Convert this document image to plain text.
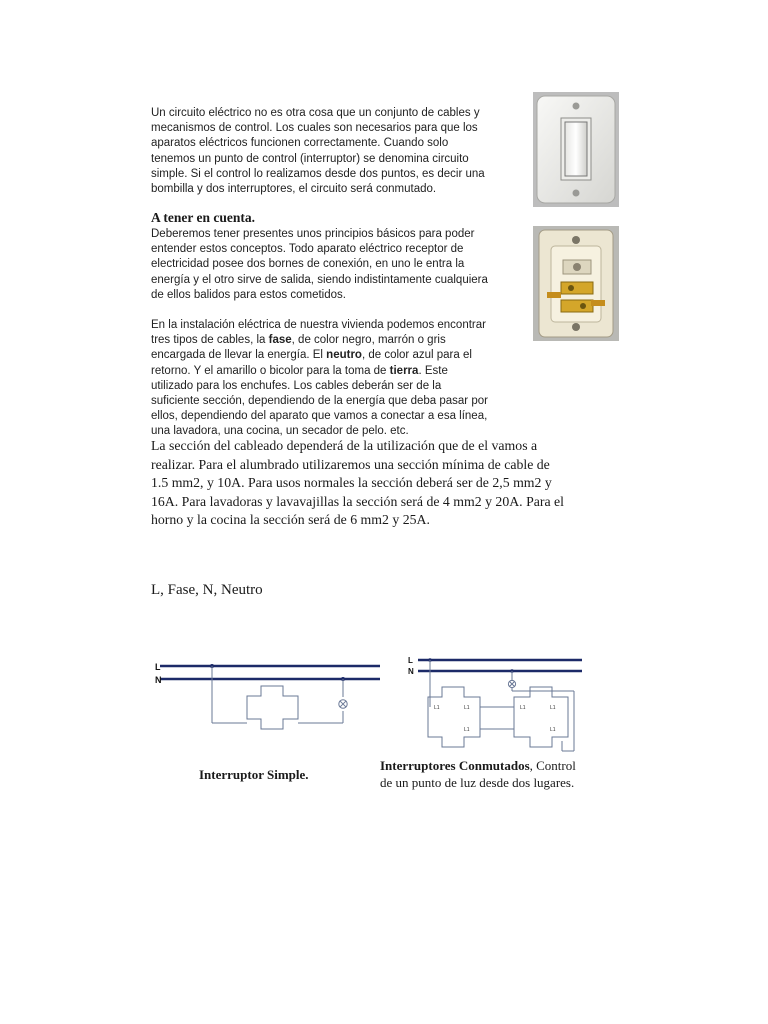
Un circuito eléctrico no es otra cosa que un conjunto de cables y

mecanismos de control. Los cuales son necesarios para que los

aparatos eléctricos funcionen correctamente. Cuando solo

tenemos un punto de control (interruptor) se denomina circuito

simple. Si el control lo realizamos desde dos puntos, es decir una

bombilla y dos interruptores, el circuito será conmutado.

A tener en cuenta.

Deberemos tener presentes unos principios básicos para poder

entender estos conceptos. Todo aparato eléctrico receptor de

electricidad posee dos bornes de conexión, en uno le entra la

energía y el otro sirve de salida, siendo indistintamente cualquiera

de ellos balidos para estos cometidos.

En la instalación eléctrica de nuestra vivienda podemos encontrar

tres tipos de cables, la fase, de color negro, marrón o gris

encargada de llevar la energía. El neutro, de color azul para el

retorno. Y el amarillo o bicolor para la toma de tierra. Este

utilizado para los enchufes. Los cables deberán ser de la

suficiente sección, dependiendo de la energía que deba pasar por

ellos, dependiendo del aparato que vamos a conectar a esa línea,

una lavadora, una cocina, un secador de pelo. etc.

La sección del cableado dependerá de la utilización que de el vamos a

realizar. Para el alumbrado utilizaremos una sección mínima de cable de

1.5 mm2, y 10A. Para usos normales la sección deberá ser de 2,5 mm2 y

16A. Para lavadoras y lavavajillas la sección será de 4 mm2 y 20A. Para el

horno y la cocina la sección será de 6 mm2 y 25A.

L, Fase, N, Neutro

L
N

Interruptor Simple.

L
N
L1	L1
L1
L1	L1
L1

Interruptores Conmutados, Control

de un punto de luz desde dos lugares.
